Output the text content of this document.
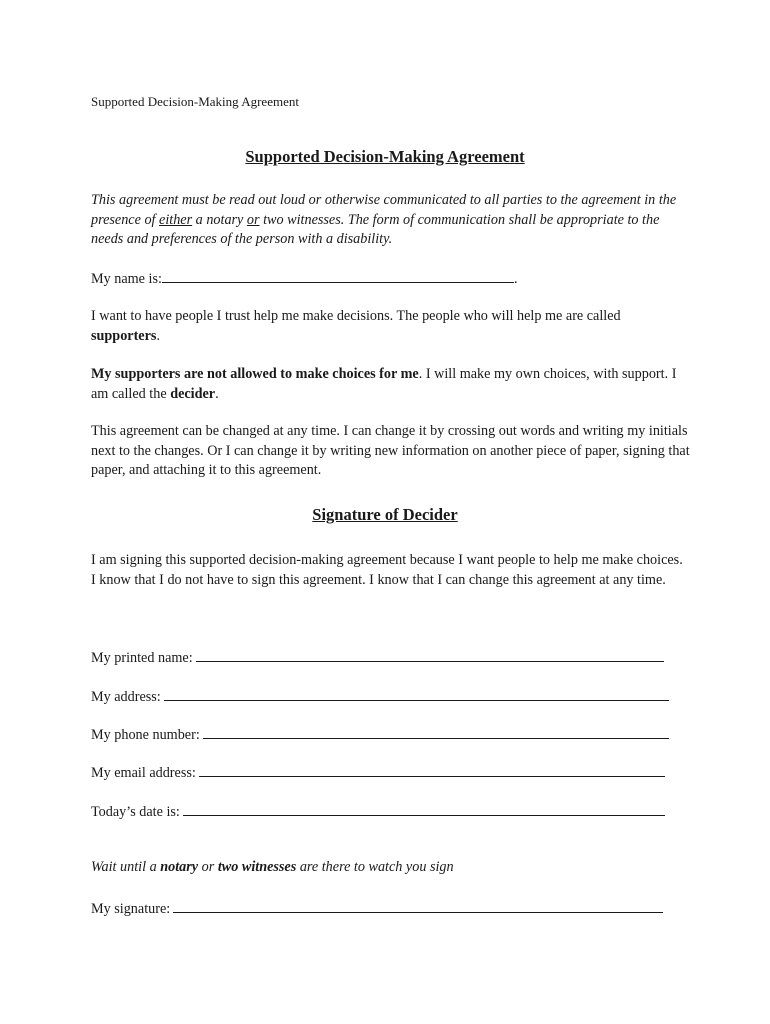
Supported Decision-Making Agreement
Supported Decision-Making Agreement

This agreement must be read out loud or otherwise communicated to all parties to the agreement in the presence of either a notary or two witnesses. The form of communication shall be appropriate to the needs and preferences of the person with a disability.

My name is:	.

I want to have people I trust help me make decisions. The people who will help me are called supporters.

My supporters are not allowed to make choices for me. I will make my own choices, with support. I am called the decider.

This agreement can be changed at any time. I can change it by crossing out words and writing my initials next to the changes. Or I can change it by writing new information on another piece of paper, signing that paper, and attaching it to this agreement.

Signature of Decider

I am signing this supported decision-making agreement because I want people to help me make choices. I know that I do not have to sign this agreement. I know that I can change this agreement at any time.

My printed name:
My address:
My phone number:
My email address:
Today’s date is:

Wait until a notary or two witnesses are there to watch you sign

My signature:
